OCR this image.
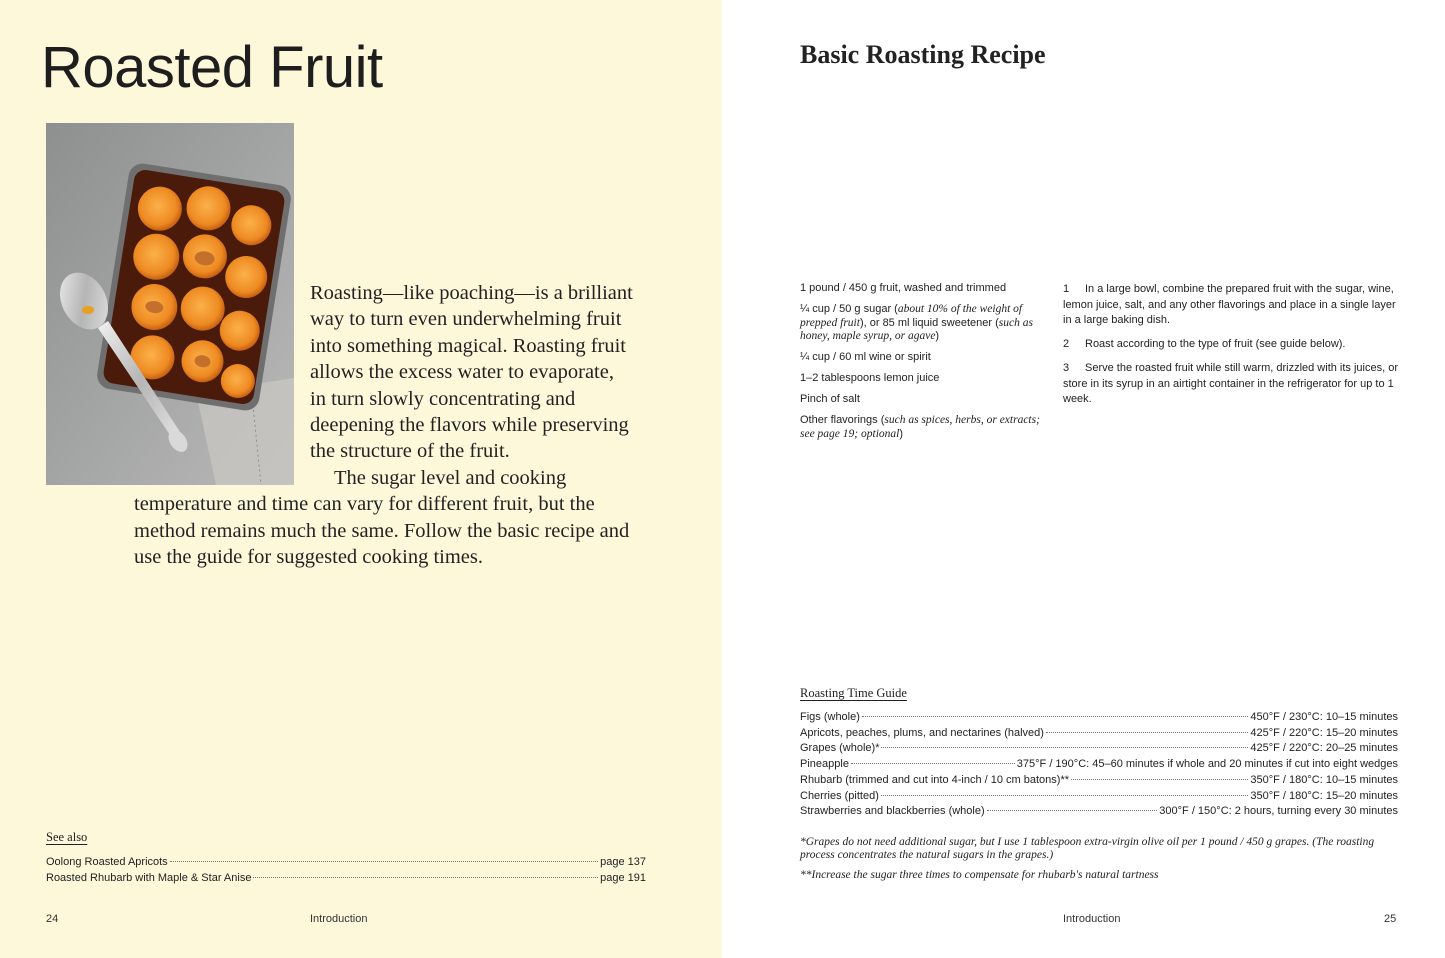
Roasted Fruit

Roasting—like poaching—is a brilliant way to turn even underwhelming fruit into something magical. Roasting fruit allows the excess water to evaporate, in turn slowly concentrating and deepening the flavors while preserving the structure of the fruit.

The sugar level and cooking temperature and time can vary for different fruit, but the method remains much the same. Follow the basic recipe and use the guide for suggested cooking times.

See also
Oolong Roasted Apricots	page 137
Roasted Rhubarb with Maple & Star Anise	page 191
24	Introduction
Basic Roasting Recipe
1 pound / 450 g fruit, washed and trimmed
¼ cup / 50 g sugar (about 10% of the weight of prepped fruit), or 85 ml liquid sweetener (such as honey, maple syrup, or agave)
¼ cup / 60 ml wine or spirit
1–2 tablespoons lemon juice
Pinch of salt
Other flavorings (such as spices, herbs, or extracts; see page 19; optional)
1 In a large bowl, combine the prepared fruit with the sugar, wine, lemon juice, salt, and any other flavorings and place in a single layer in a large baking dish.
2 Roast according to the type of fruit (see guide below).
3 Serve the roasted fruit while still warm, drizzled with its juices, or store in its syrup in an airtight container in the refrigerator for up to 1 week.
Roasting Time Guide
Figs (whole)	450°F / 230°C: 10–15 minutes
Apricots, peaches, plums, and nectarines (halved)	425°F / 220°C: 15–20 minutes
Grapes (whole)*	425°F / 220°C: 20–25 minutes
Pineapple	375°F / 190°C: 45–60 minutes if whole and 20 minutes if cut into eight wedges
Rhubarb (trimmed and cut into 4-inch / 10 cm batons)**	350°F / 180°C: 10–15 minutes
Cherries (pitted)	350°F / 180°C: 15–20 minutes
Strawberries and blackberries (whole)	300°F / 150°C: 2 hours, turning every 30 minutes

*Grapes do not need additional sugar, but I use 1 tablespoon extra-virgin olive oil per 1 pound / 450 g grapes. (The roasting process concentrates the natural sugars in the grapes.)

**Increase the sugar three times to compensate for rhubarb's natural tartness

Introduction	25
